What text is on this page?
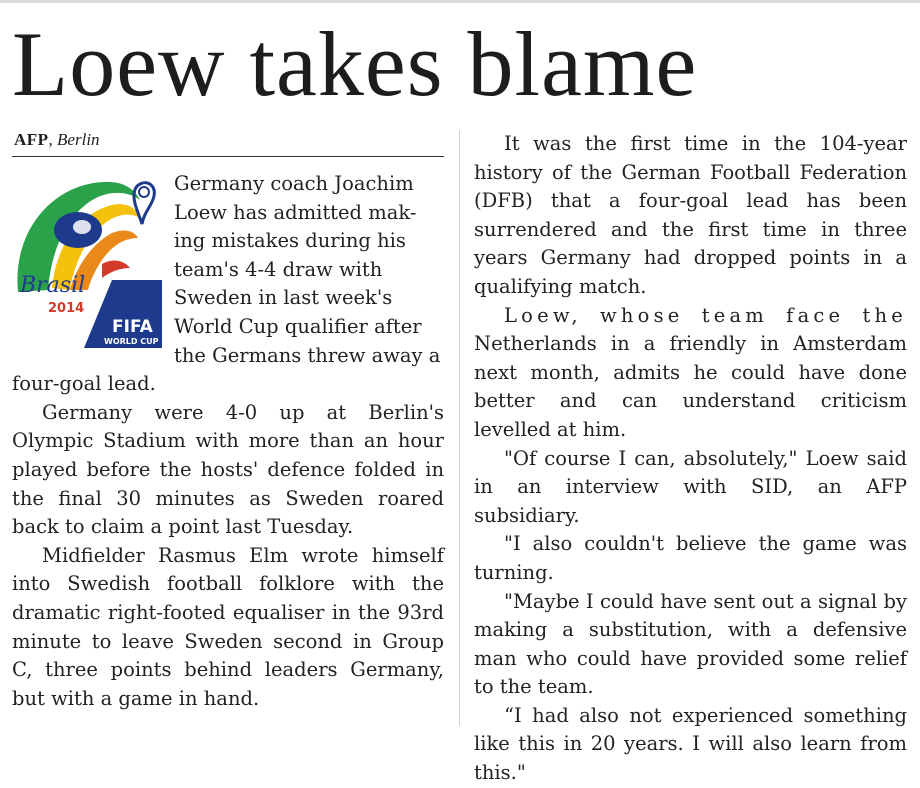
Loew takes blame
AFP, Berlin
Brasil
2014
FIFA
WORLD CUP

Germany coach Joachim
Loew has admitted mak-
ing mistakes during his
team's 4-4 draw with
Sweden in last week's
World Cup qualifier after
the Germans threw away a
four-goal lead.

Germany were 4-0 up at Berlin's Olympic Stadium with more than an hour played before the hosts' defence folded in the final 30 minutes as Sweden roared back to claim a point last Tuesday.

Midfielder Rasmus Elm wrote himself into Swedish football folklore with the dramatic right-footed equaliser in the 93rd minute to leave Sweden second in Group C, three points behind leaders Germany, but with a game in hand.

It was the first time in the 104-year history of the German Football Federation (DFB) that a four-goal lead has been surrendered and the first time in three years Germany had dropped points in a qualifying match.

Loew, whose team face the Netherlands in a friendly in Amsterdam next month, admits he could have done better and can understand criticism levelled at him.

"Of course I can, absolutely," Loew said in an interview with SID, an AFP subsidiary.

"I also couldn't believe the game was turning.

"Maybe I could have sent out a signal by making a substitution, with a defensive man who could have provided some relief to the team.

“I had also not experienced something like this in 20 years. I will also learn from this."
